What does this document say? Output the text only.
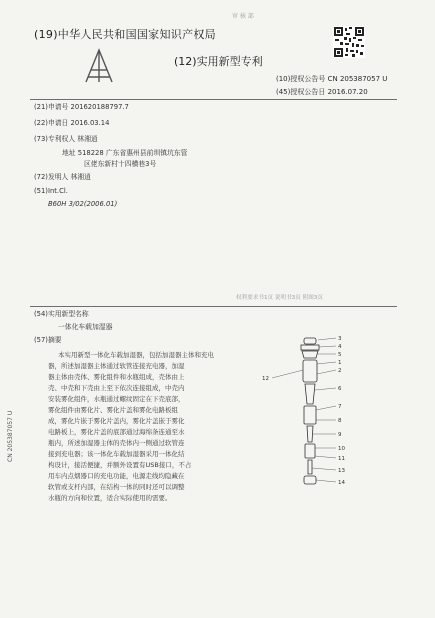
(19)中华人民共和国国家知识产权局
审 核 部
(12)实用新型专利
(10)授权公告号 CN 205387057 U
(45)授权公告日 2016.07.20
(21)申请号 201620188797.7
(22)申请日 2016.03.14
(73)专利权人 林湘逍
地址 518228 广东省惠州县前圳镇坑东管
区佬东新村十四横巷3号
(72)发明人 林湘逍
(51)Int.Cl.
B60H 3/02(2006.01)
权利要求书1页 说明书3页 附图3页
(54)实用新型名称
一体化车载加湿器
(57)摘要
本实用新型一体化车载加湿器，包括加湿器主体和充电
器，所述加湿器主体通过软管连接充电器，加湿
器主体由壳体、雾化组件和水瓶组成，壳体由上
壳、中壳和下壳由上至下依次连接组成，中壳内
安装雾化组件，水瓶通过螺纹固定在下壳底部，
雾化组件由雾化片、雾化片盖和雾化电路板组
成，雾化片嵌于雾化片盖内，雾化片盖嵌于雾化
电路板上，雾化片盖的底部通过海绵条连通至水
瓶内，所述加湿器主体的壳体内一侧通过软管连
接到充电器；该一体化车载加湿器采用一体化结
构设计，接活便捷，并额外设置有USB接口，不占
用车内点烟器口的充电功能，电源走线均隐藏在
软管或支杆内部，在结构一体的同时还可以调整
水瓶的方向和位置，适合实际使用的需要。
3
4
5
1
2
12
6
7
8
9
10
11
13
14
CN 205387057 U
